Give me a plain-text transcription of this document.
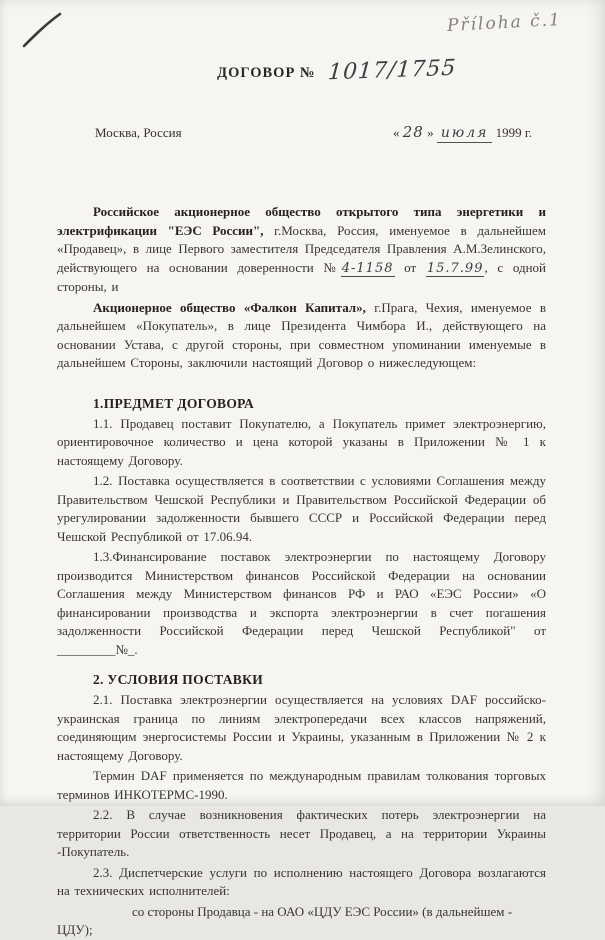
Příloha č.1
ДОГОВОР № 1017/1755
Москва, Россия	« 28 » июля 1999 г.

Российское акционерное общество открытого типа энергетики и электрификации "ЕЭС России", г.Москва, Россия, именуемое в дальнейшем «Продавец», в лице Первого заместителя Председателя Правления А.М.Зелинского, действующего на основании доверенности №4-1158 от 15.7.99, с одной стороны, и

Акционерное общество «Фалкон Капитал», г.Прага, Чехия, именуемое в дальнейшем «Покупатель», в лице Президента Чимбора И., действующего на основании Устава, с другой стороны, при совместном упоминании именуемые в дальнейшем Стороны, заключили настоящий Договор о нижеследующем:

1.ПРЕДМЕТ ДОГОВОРА

1.1. Продавец поставит Покупателю, а Покупатель примет электроэнергию, ориентировочное количество и цена которой указаны в Приложении № 1 к настоящему Договору.

1.2. Поставка осуществляется в соответствии с условиями Соглашения между Правительством Чешской Республики и Правительством Российской Федерации об урегулировании задолженности бывшего СССР и Российской Федерации перед Чешской Республикой от 17.06.94.

1.3.Финансирование поставок электроэнергии по настоящему Договору производится Министерством финансов Российской Федерации на основании Соглашения между Министерством финансов РФ и РАО «ЕЭС России» «О финансировании производства и экспорта электроэнергии в счет погашения задолженности Российской Федерации перед Чешской Республикой" от _________№_.

2. УСЛОВИЯ ПОСТАВКИ

2.1. Поставка электроэнергии осуществляется на условиях DAF российско-украинская граница по линиям электропередачи всех классов напряжений, соединяющим энергосистемы России и Украины, указанным в Приложении № 2 к настоящему Договору.

Термин DAF применяется по международным правилам толкования торговых терминов ИНКОТЕРМС-1990.

2.2. В случае возникновения фактических потерь электроэнергии на территории России ответственность несет Продавец, а на территории Украины -Покупатель.

2.3. Диспетчерские услуги по исполнению настоящего Договора возлагаются на технических исполнителей:

со стороны Продавца - на ОАО «ЦДУ ЕЭС России» (в дальнейшем - ЦДУ);
